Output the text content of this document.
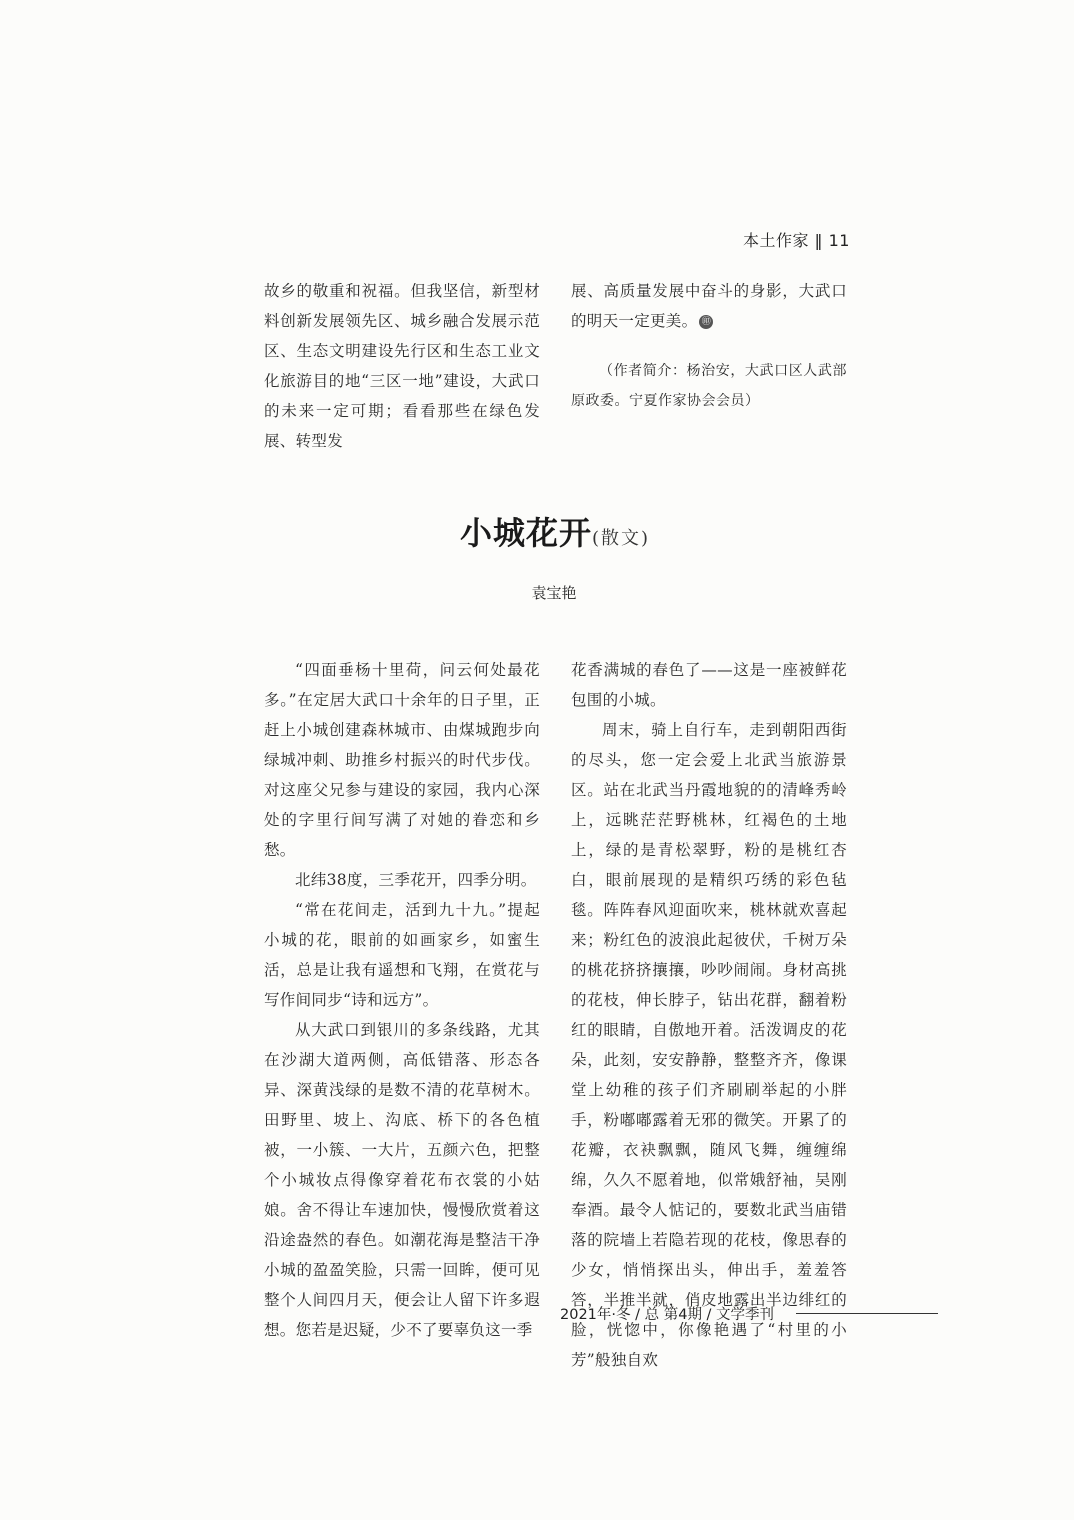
本土作家 ‖ 11

故乡的敬重和祝福。但我坚信，新型材料创新发展领先区、城乡融合发展示范区、生态文明建设先行区和生态工业文化旅游目的地“三区一地”建设，大武口的未来一定可期；看看那些在绿色发展、转型发

展、高质量发展中奋斗的身影，大武口的明天一定更美。 ㊞

（作者简介：杨治安，大武口区人武部原政委。宁夏作家协会会员）

小城花开(散文)
袁宝艳

“四面垂杨十里荷，问云何处最花多。”在定居大武口十余年的日子里，正赶上小城创建森林城市、由煤城跑步向绿城冲刺、助推乡村振兴的时代步伐。对这座父兄参与建设的家园，我内心深处的字里行间写满了对她的眷恋和乡愁。

北纬38度，三季花开，四季分明。

“常在花间走，活到九十九。”提起小城的花，眼前的如画家乡，如蜜生活，总是让我有遥想和飞翔，在赏花与写作间同步“诗和远方”。

从大武口到银川的多条线路，尤其在沙湖大道两侧，高低错落、形态各异、深黄浅绿的是数不清的花草树木。田野里、坡上、沟底、桥下的各色植被，一小簇、一大片，五颜六色，把整个小城妆点得像穿着花布衣裳的小姑娘。舍不得让车速加快，慢慢欣赏着这沿途盎然的春色。如潮花海是整洁干净小城的盈盈笑脸，只需一回眸，便可见整个人间四月天，便会让人留下许多遐想。您若是迟疑，少不了要辜负这一季

花香满城的春色了——这是一座被鲜花包围的小城。

周末，骑上自行车，走到朝阳西街的尽头，您一定会爱上北武当旅游景区。站在北武当丹霞地貌的的清峰秀岭上，远眺茫茫野桃林，红褐色的土地上，绿的是青松翠野，粉的是桃红杏白，眼前展现的是精织巧绣的彩色毡毯。阵阵春风迎面吹来，桃林就欢喜起来；粉红色的波浪此起彼伏，千树万朵的桃花挤挤攘攘，吵吵闹闹。身材高挑的花枝，伸长脖子，钻出花群，翻着粉红的眼睛，自傲地开着。活泼调皮的花朵，此刻，安安静静，整整齐齐，像课堂上幼稚的孩子们齐刷刷举起的小胖手，粉嘟嘟露着无邪的微笑。开累了的花瓣，衣袂飘飘，随风飞舞，缠缠绵绵，久久不愿着地，似常娥舒袖，吴刚奉酒。最令人惦记的，要数北武当庙错落的院墙上若隐若现的花枝，像思春的少女，悄悄探出头，伸出手，羞羞答答，半推半就，俏皮地露出半边绯红的脸，恍惚中，你像艳遇了“村里的小芳”般独自欢

2021年·冬 / 总 第4期 / 文学季刊
